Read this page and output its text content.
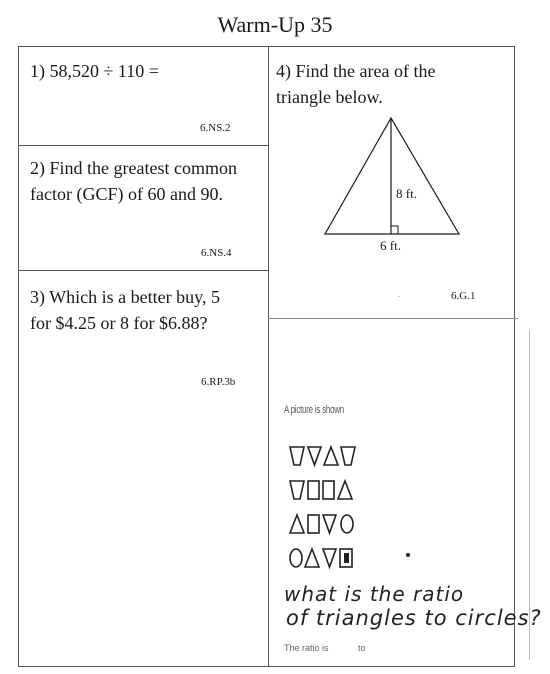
Warm-Up 35
1) 58,520 ÷ 110 =
6.NS.2
2) Find the greatest common
factor (GCF) of 60 and 90.
6.NS.4
3) Which is a better buy, 5
for $4.25 or 8 for $6.88?
6.RP.3b
4) Find the area of the
triangle below.
8 ft.
6 ft.
.	6.G.1
A picture is shown
what is the ratio
of triangles to circles?
The ratio is	to
